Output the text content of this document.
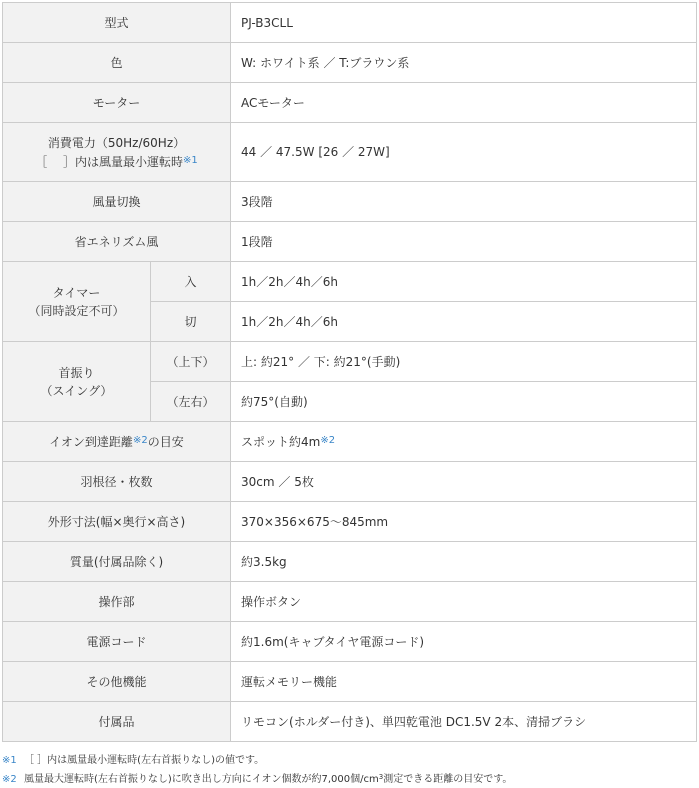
型式		PJ-B3CLL
色		W: ホワイト系 ／ T:ブラウン系
モーター		ACモーター

消費電力（50Hz/60Hz）
［　 ］内は風量最小運転時$^{※1}$		44 ／ 47.5W [26 ／ 27W]
風量切換		3段階
省エネリズム風		1段階

タイマー
（同時設定不可）	入	1h／2h／4h／6h
	切	1h／2h／4h／6h

首振り
（スイング）	（上下）	上: 約21° ／ 下: 約21°(手動)
	（左右）	約75°(自動)
イオン到達距離$^{※2}$の目安		スポット約$4m^{※2}$
羽根径・枚数		30cm ／ 5枚
外形寸法(幅×奥行×高さ)		370×356×675～845mm
質量(付属品除く)		約3.5kg
操作部		操作ボタン
電源コード		約1.6m(キャブタイヤ電源コード)
その他機能		運転メモリー機能
付属品		リモコン(ホルダー付き)、単四乾電池 DC1.5V 2本、清掃ブラシ
※1 ［ ］内は風量最小運転時(左右首振りなし)の値です。
※2 風量最大運転時(左右首振りなし)に吹き出し方向にイオン個数が約7,000個$/cm^3$測定できる距離の目安です。
